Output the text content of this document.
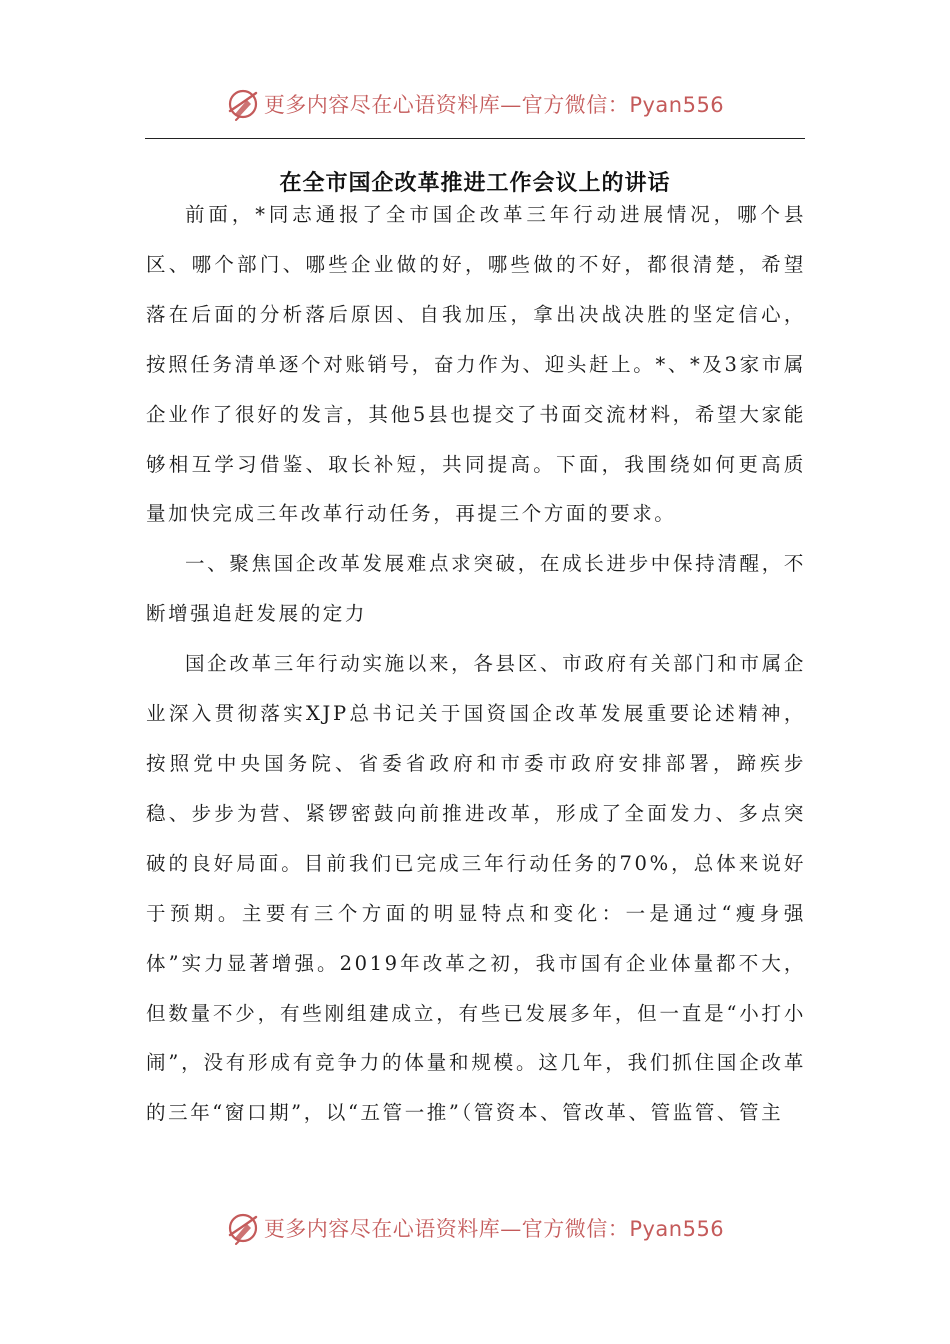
更多内容尽在心语资料库—官方微信：Pyan556
在全市国企改革推进工作会议上的讲话

前面，*同志通报了全市国企改革三年行动进展情况，哪个县区、哪个部门、哪些企业做的好，哪些做的不好，都很清楚，希望落在后面的分析落后原因、自我加压，拿出决战决胜的坚定信心，按照任务清单逐个对账销号，奋力作为、迎头赶上。*、*及3家市属企业作了很好的发言，其他5县也提交了书面交流材料，希望大家能够相互学习借鉴、取长补短，共同提高。下面，我围绕如何更高质量加快完成三年改革行动任务，再提三个方面的要求。

一、聚焦国企改革发展难点求突破，在成长进步中保持清醒，不断增强追赶发展的定力

国企改革三年行动实施以来，各县区、市政府有关部门和市属企业深入贯彻落实XJP总书记关于国资国企改革发展重要论述精神，按照党中央国务院、省委省政府和市委市政府安排部署，蹄疾步稳、步步为营、紧锣密鼓向前推进改革，形成了全面发力、多点突破的良好局面。目前我们已完成三年行动任务的70%，总体来说好于预期。主要有三个方面的明显特点和变化：一是通过“瘦身强体”实力显著增强。2019年改革之初，我市国有企业体量都不大，但数量不少，有些刚组建成立，有些已发展多年，但一直是“小打小闹”，没有形成有竞争力的体量和规模。这几年，我们抓住国企改革的三年“窗口期”，以“五管一推”（管资本、管改革、管监管、管主

更多内容尽在心语资料库—官方微信：Pyan556
